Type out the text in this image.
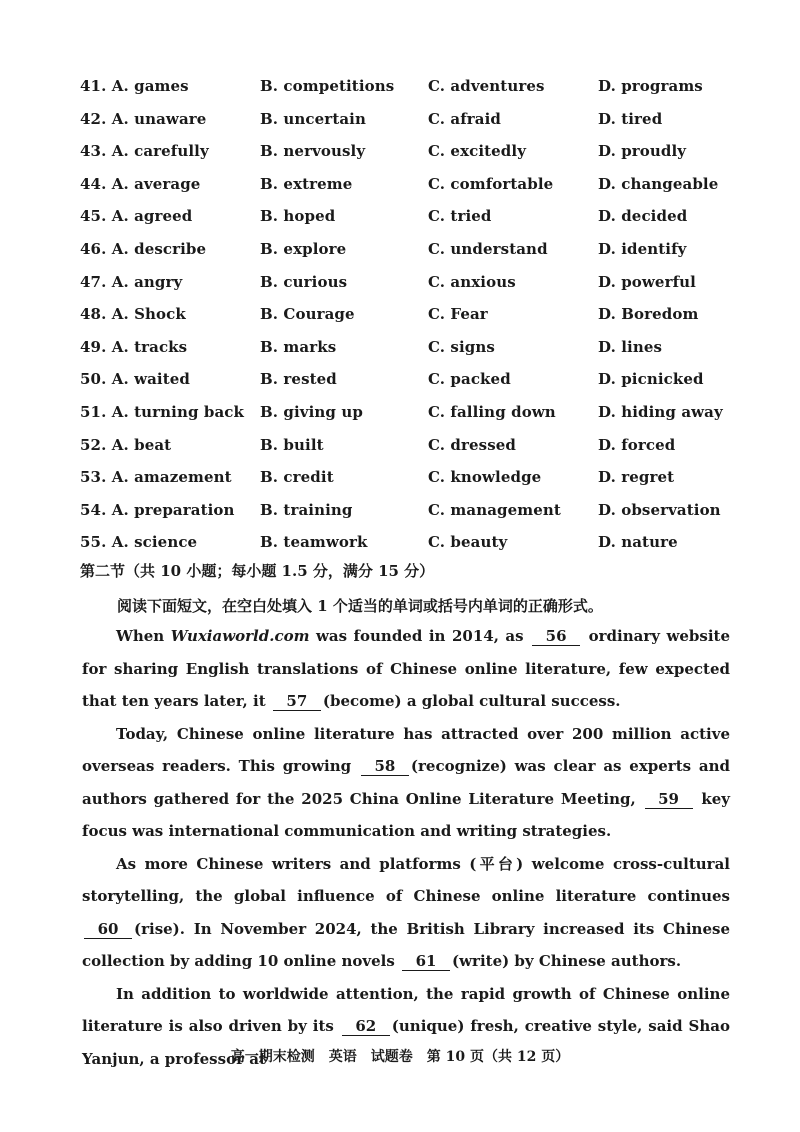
41. A. games	B. competitions C. adventures	D. programs
42. A. unaware	B. uncertain	C. afraid	D. tired
43. A. carefully	B. nervously	C. excitedly	D. proudly
44. A. average	B. extreme	C. comfortable	D. changeable
45. A. agreed	B. hoped	C. tried	D. decided
46. A. describe	B. explore	C. understand	D. identify
47. A. angry	B. curious	C. anxious	D. powerful
48. A. Shock	B. Courage	C. Fear	D. Boredom
49. A. tracks	B. marks	C. signs	D. lines
50. A. waited	B. rested	C. packed	D. picnicked
51. A. turning back B. giving up	C. falling down	D. hiding away
52. A. beat	B. built	C. dressed	D. forced
53. A. amazement B. credit	C. knowledge	D. regret
54. A. preparation B. training	C. management D. observation
55. A. science	B. teamwork	C. beauty	D. nature
第二节（共 10 小题；每小题 1.5 分，满分 15 分）
阅读下面短文，在空白处填入 1 个适当的单词或括号内单词的正确形式。

When Wuxiaworld.com was founded in 2014, as 56 ordinary website for sharing English translations of Chinese online literature, few expected that ten years later, it 57 (become) a global cultural success.

Today, Chinese online literature has attracted over 200 million active overseas readers. This growing 58 (recognize) was clear as experts and authors gathered for the 2025 China Online Literature Meeting, 59 key focus was international communication and writing strategies.

As more Chinese writers and platforms (平台) welcome cross-cultural storytelling, the global influence of Chinese online literature continues 60 (rise). In November 2024, the British Library increased its Chinese collection by adding 10 online novels 61 (write) by Chinese authors.

In addition to worldwide attention, the rapid growth of Chinese online literature is also driven by its 62 (unique) fresh, creative style, said Shao Yanjun, a professor at

高一期末检测　英语　试题卷　第 10 页（共 12 页）
